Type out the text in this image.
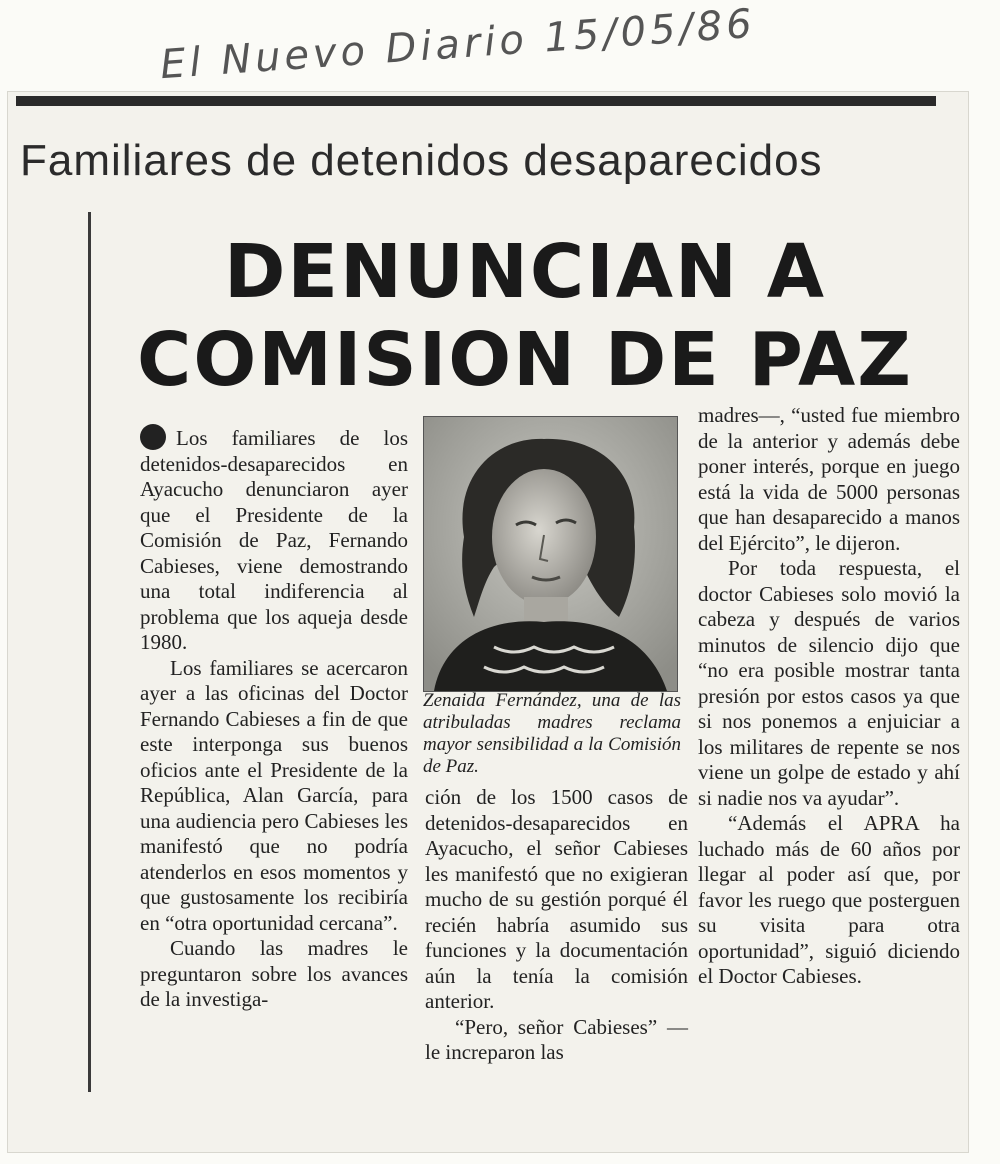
El Nuevo Diario 15/05/86
Familiares de detenidos desaparecidos
DENUNCIAN A COMISION DE PAZ

Los familiares de los detenidos-desaparecidos en Ayacucho denunciaron ayer que el Presidente de la Comisión de Paz, Fernando Cabieses, viene demostrando una total indiferencia al problema que los aqueja desde 1980.

Los familiares se acercaron ayer a las oficinas del Doctor Fernando Cabieses a fin de que este interponga sus buenos oficios ante el Presidente de la República, Alan García, para una audiencia pero Cabieses les manifestó que no podría atenderlos en esos momentos y que gustosamente los recibiría en “otra oportunidad cercana”.

Cuando las madres le preguntaron sobre los avances de la investiga-

Zenaida Fernández, una de las atribuladas madres reclama mayor sensibilidad a la Comisión de Paz.

ción de los 1500 casos de detenidos-desaparecidos en Ayacucho, el señor Cabieses les manifestó que no exigieran mucho de su gestión porqué él recién habría asumido sus funciones y la documentación aún la tenía la comisión anterior.

“Pero, señor Cabieses” —le increparon las

madres—, “usted fue miembro de la anterior y además debe poner interés, porque en juego está la vida de 5000 personas que han desaparecido a manos del Ejército”, le dijeron.

Por toda respuesta, el doctor Cabieses solo movió la cabeza y después de varios minutos de silencio dijo que “no era posible mostrar tanta presión por estos casos ya que si nos ponemos a enjuiciar a los militares de repente se nos viene un golpe de estado y ahí si nadie nos va ayudar”.

“Además el APRA ha luchado más de 60 años por llegar al poder así que, por favor les ruego que posterguen su visita para otra oportunidad”, siguió diciendo el Doctor Cabieses.
